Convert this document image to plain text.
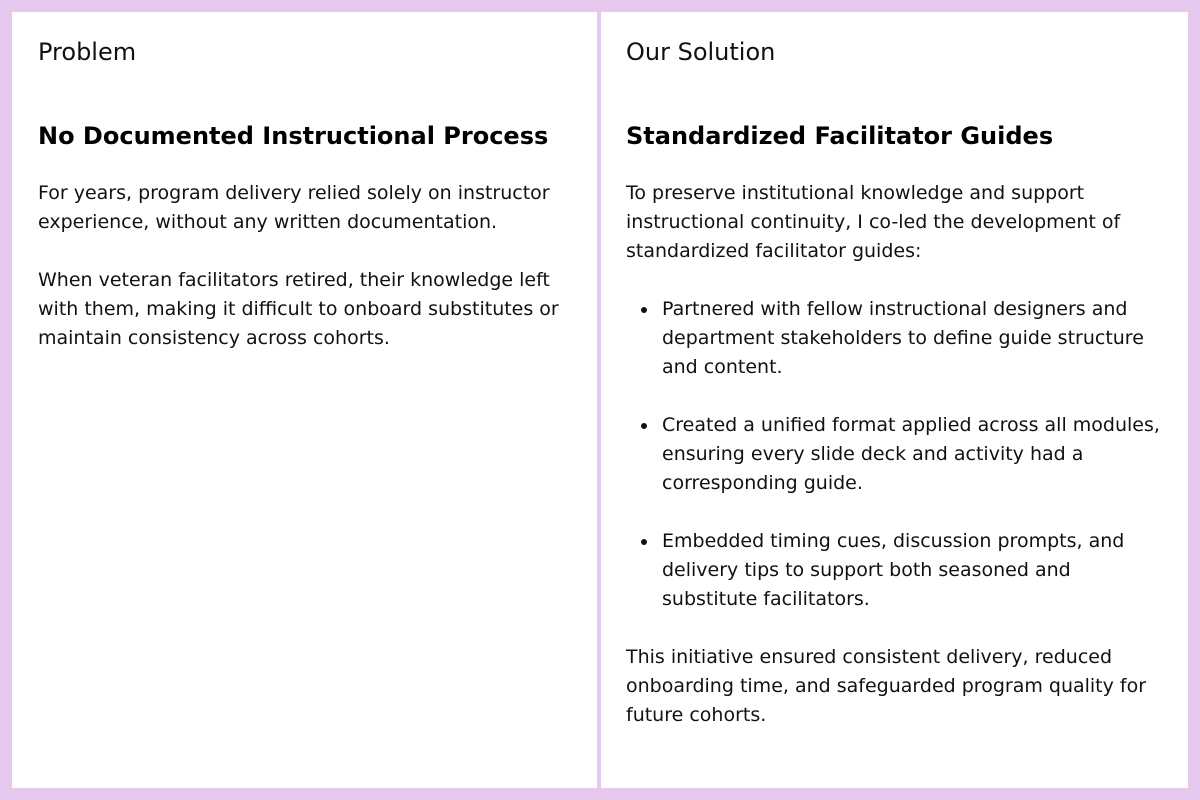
Problem
No Documented Instructional Process

For years, program delivery relied solely on instructor experience, without any written documentation.

When veteran facilitators retired, their knowledge left with them, making it difficult to onboard substitutes or maintain consistency across cohorts.

Our Solution
Standardized Facilitator Guides

To preserve institutional knowledge and support instructional continuity, I co-led the development of standardized facilitator guides:

Partnered with fellow instructional designers and department stakeholders to define guide structure and content.
Created a unified format applied across all modules, ensuring every slide deck and activity had a corresponding guide.
Embedded timing cues, discussion prompts, and delivery tips to support both seasoned and substitute facilitators.

This initiative ensured consistent delivery, reduced onboarding time, and safeguarded program quality for future cohorts.
